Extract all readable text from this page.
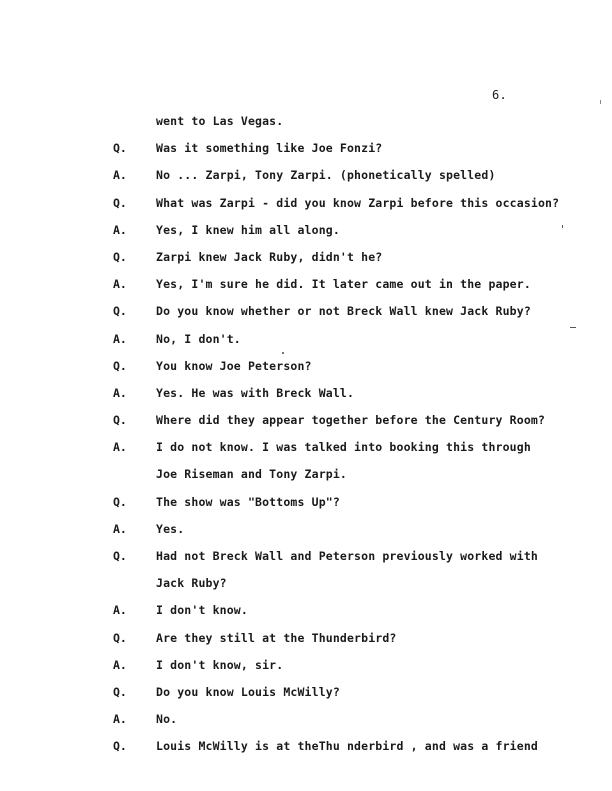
6.
went to Las Vegas.
Q.	Was it something like Joe Fonzi?
A.	No ... Zarpi, Tony Zarpi. (phonetically spelled)
Q.	What was Zarpi - did you know Zarpi before this occasion?
A.	Yes, I knew him all along.
Q.	Zarpi knew Jack Ruby, didn't he?
A.	Yes, I'm sure he did. It later came out in the paper.
Q.	Do you know whether or not Breck Wall knew Jack Ruby?
A.	No, I don't.
Q.	You know Joe Peterson?
A.	Yes. He was with Breck Wall.
Q.	Where did they appear together before the Century Room?
A.	I do not know. I was talked into booking this through
Joe Riseman and Tony Zarpi.
Q.	The show was "Bottoms Up"?
A.	Yes.
Q.	Had not Breck Wall and Peterson previously worked with
Jack Ruby?
A.	I don't know.
Q.	Are they still at the Thunderbird?
A.	I don't know, sir.
Q.	Do you know Louis McWilly?
A.	No.
Q.	Louis McWilly is at theThu nderbird , and was a friend
